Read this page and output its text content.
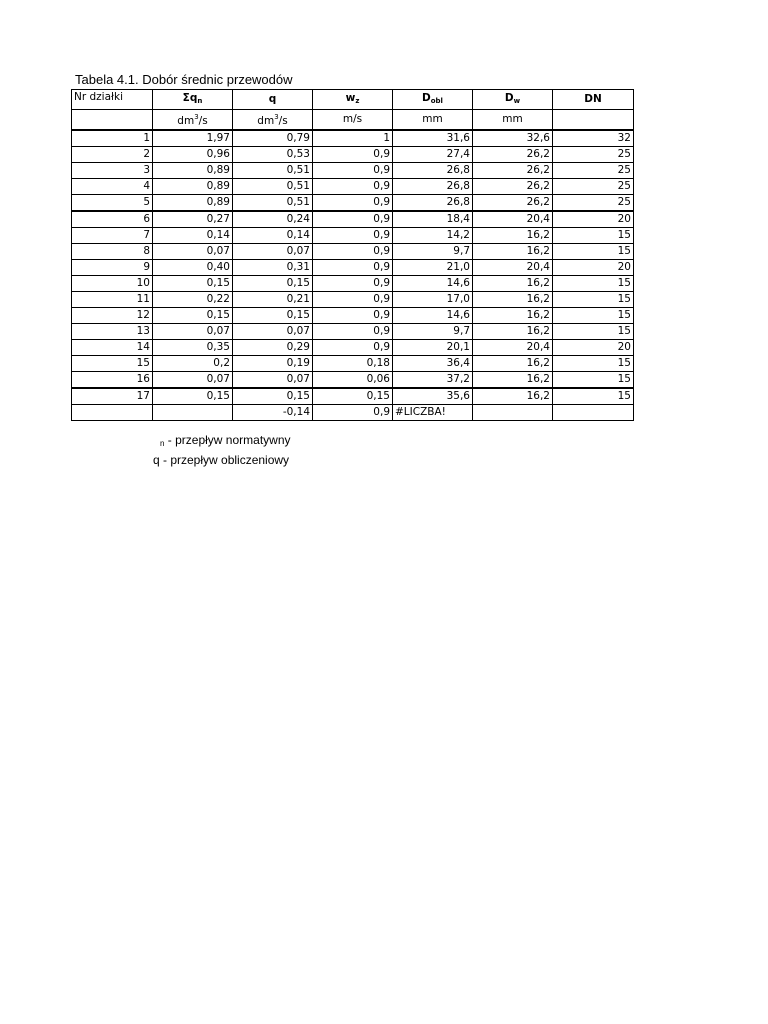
Tabela 4.1. Dobór średnic przewodów
Nr działki	$\Sigma q_n$	q	$w_z$	$D_{obl}$	$D_w$	DN
	$dm^3/s$	$dm^3/s$	m/s	mm	mm	
1	1,97	0,79	1	31,6	32,6	32
2	0,96	0,53	0,9	27,4	26,2	25
3	0,89	0,51	0,9	26,8	26,2	25
4	0,89	0,51	0,9	26,8	26,2	25
5	0,89	0,51	0,9	26,8	26,2	25
6	0,27	0,24	0,9	18,4	20,4	20
7	0,14	0,14	0,9	14,2	16,2	15
8	0,07	0,07	0,9	9,7	16,2	15
9	0,40	0,31	0,9	21,0	20,4	20
10	0,15	0,15	0,9	14,6	16,2	15
11	0,22	0,21	0,9	17,0	16,2	15
12	0,15	0,15	0,9	14,6	16,2	15
13	0,07	0,07	0,9	9,7	16,2	15
14	0,35	0,29	0,9	20,1	20,4	20
15	0,2	0,19	0,18	36,4	16,2	15
16	0,07	0,07	0,06	37,2	16,2	15
17	0,15	0,15	0,15	35,6	16,2	15
		-0,14	0,9	#LICZBA!		
$_n$ - przepływ normatywny
q - przepływ obliczeniowy
